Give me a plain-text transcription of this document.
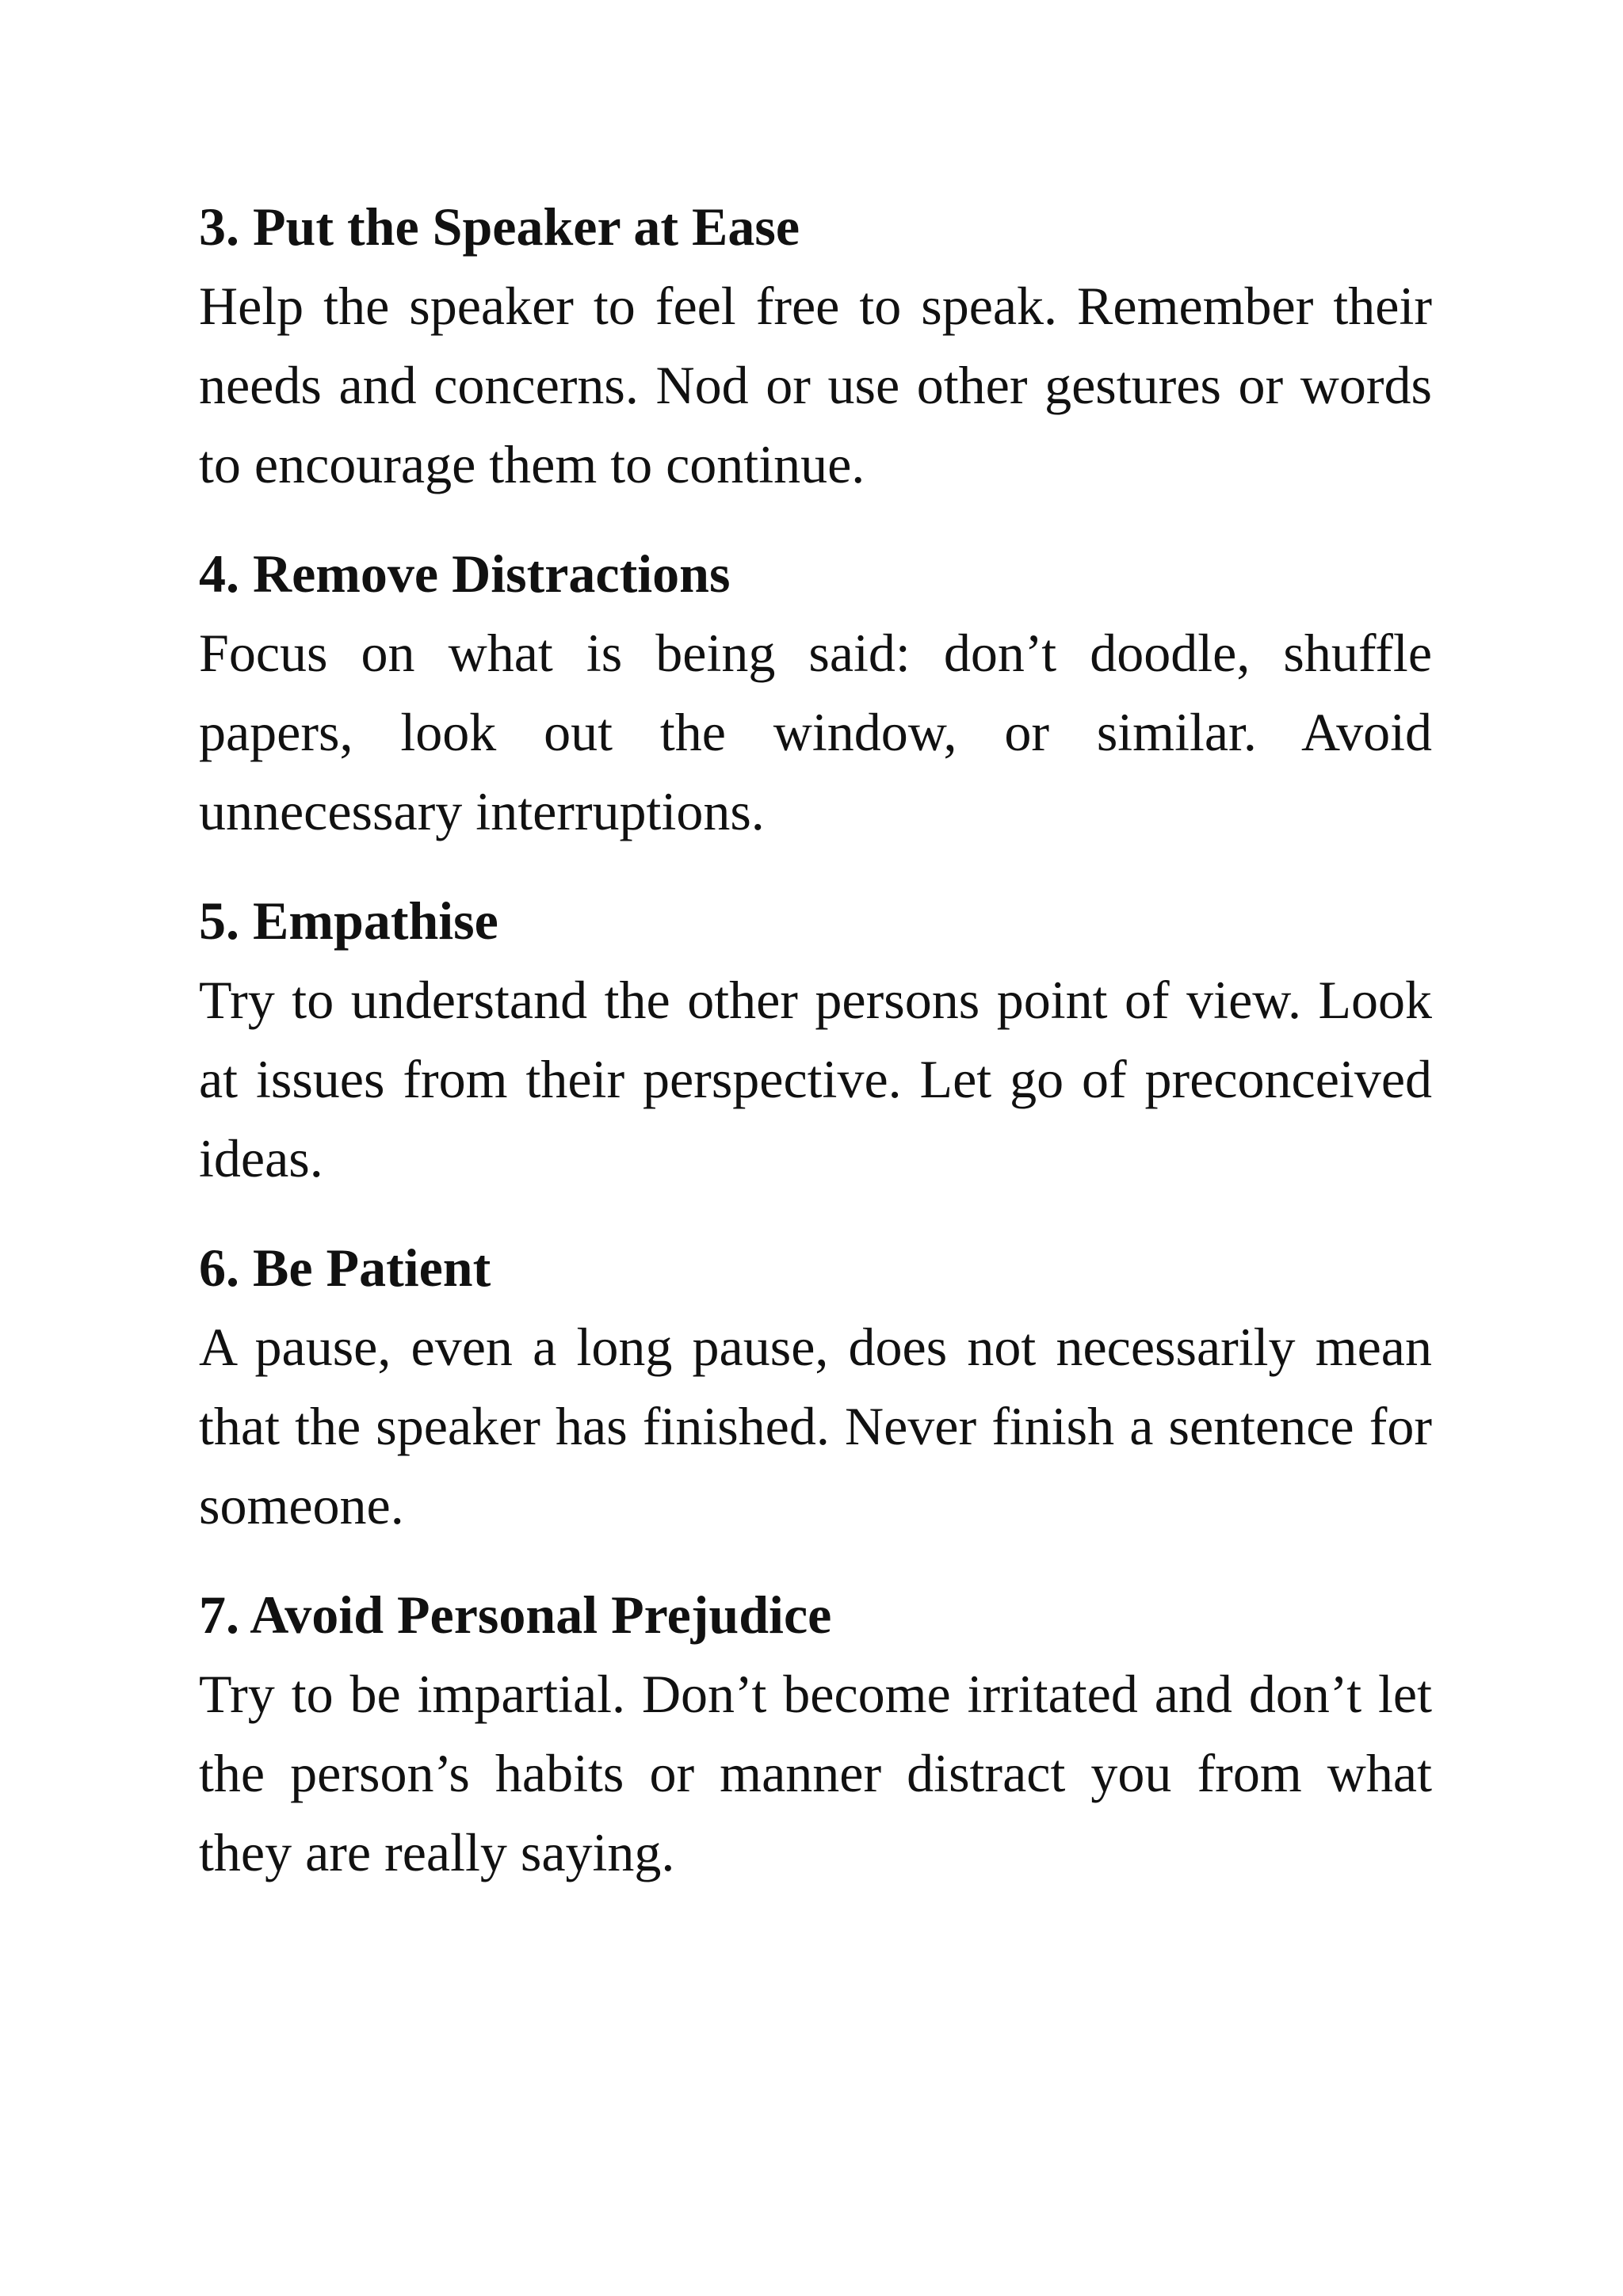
3. Put the Speaker at Ease

Help the speaker to feel free to speak. Remember their needs and concerns. Nod or use other gestures or words to encourage them to continue.

4. Remove Distractions

Focus on what is being said: don’t doodle, shuffle papers, look out the window, or similar. Avoid unnecessary interruptions.

5. Empathise

Try to understand the other persons point of view. Look at issues from their perspective. Let go of preconceived ideas.

6. Be Patient

A pause, even a long pause, does not necessarily mean that the speaker has finished. Never finish a sentence for someone.

7. Avoid Personal Prejudice

Try to be impartial. Don’t become irritated and don’t let the person’s habits or manner distract you from what they are really saying.
